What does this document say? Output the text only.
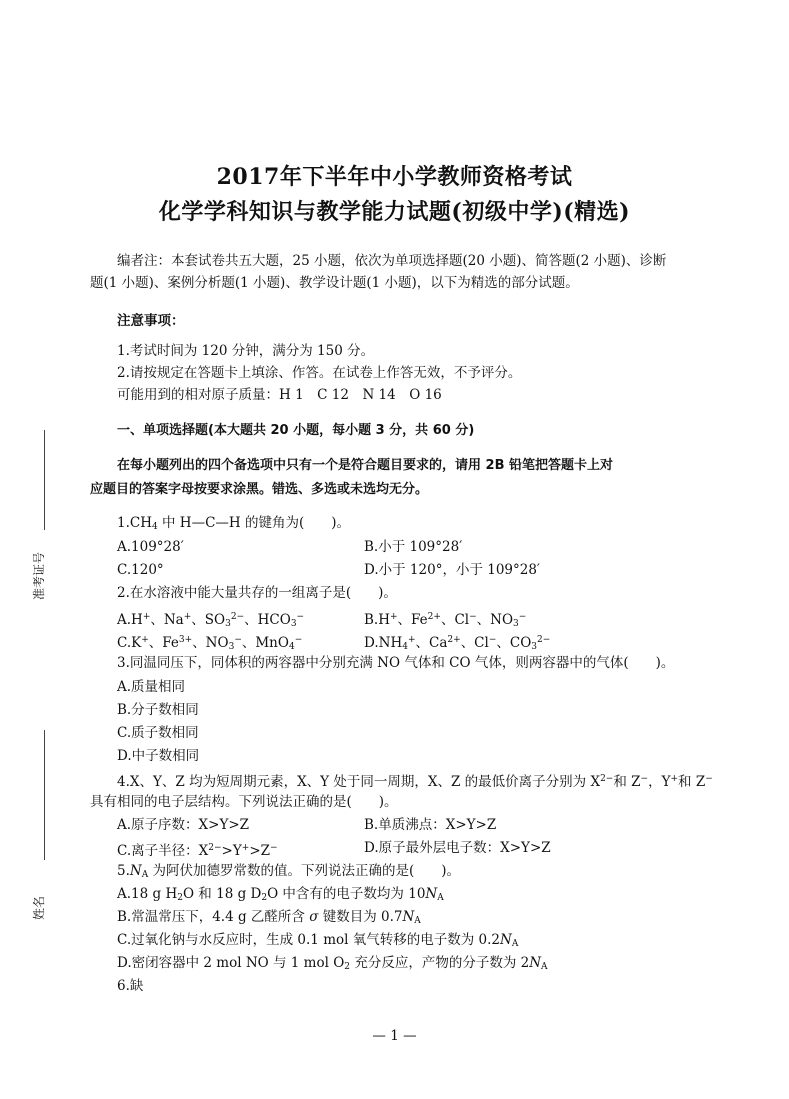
2017年下半年中小学教师资格考试
化学学科知识与教学能力试题(初级中学)(精选)
编者注：本套试卷共五大题，25 小题，依次为单项选择题(20 小题)、简答题(2 小题)、诊断
题(1 小题)、案例分析题(1 小题)、教学设计题(1 小题)，以下为精选的部分试题。
注意事项：
1.考试时间为 120 分钟，满分为 150 分。
2.请按规定在答题卡上填涂、作答。在试卷上作答无效，不予评分。
可能用到的相对原子质量：H 1　C 12　N 14　O 16
一、单项选择题(本大题共 20 小题，每小题 3 分，共 60 分)
在每小题列出的四个备选项中只有一个是符合题目要求的，请用 2B 铅笔把答题卡上对
应题目的答案字母按要求涂黑。错选、多选或未选均无分。
准考证号
姓名
$1.CH_4$ 中 H—C—H 的键角为(　　)。
A.109°28′	B.小于 109°28′
C.120°	D.小于 120°，小于 109°28′
2.在水溶液中能大量共存的一组离子是(　　)。
A.H+、Na+、$SO_3^{2-}$、$HCO_3^-$	B.H+、$Fe^{2+}$、Cl−、$NO_3^-$
C.K+、$Fe^{3+}$、$NO_3^-$、MnO$_4$−	$D.NH_4^+$、$Ca^{2+}$、Cl−、$CO_3^{2-}$
3.同温同压下，同体积的两容器中分别充满 NO 气体和 CO 气体，则两容器中的气体(　　)。
A.质量相同
B.分子数相同
C.质子数相同
D.中子数相同
4.X、Y、Z 均为短周期元素，X、Y 处于同一周期，X、Z 的最低价离子分别为 $X^{2-}$和 Z−，Y+和 Z−
具有相同的电子层结构。下列说法正确的是(　　)。
A.原子序数：X>Y>Z	B.单质沸点：X>Y>Z
C.离子半径：$X^{2-}>Y^+>Z^-$	D.原子最外层电子数：X>Y>Z
$5.N_A$ 为阿伏加德罗常数的值。下列说法正确的是(　　)。
A.18 g $H_2O$ 和 18 g $D_2O$ 中含有的电子数均为 $10N_A$
B.常温常压下，4.4 g 乙醛所含 σ 键数目为 $0.7N_A$
C.过氧化钠与水反应时，生成 0.1 mol 氧气转移的电子数为 $0.2N_A$
D.密闭容器中 2 mol NO 与 1 mol $O_2$ 充分反应，产物的分子数为 $2N_A$
6.缺
— 1 —
